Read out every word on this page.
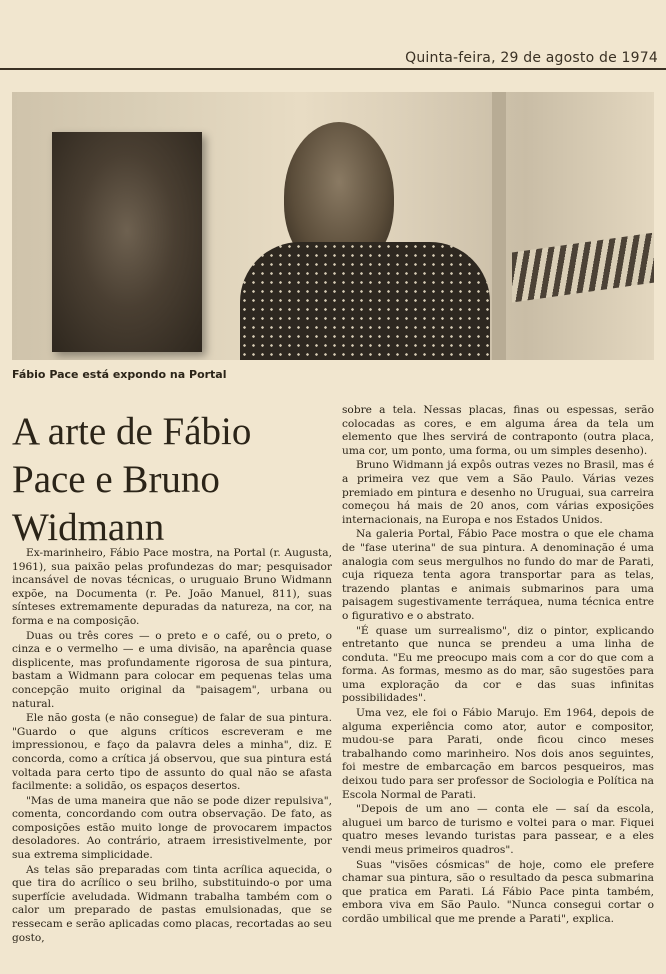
Quinta-feira, 29 de agosto de 1974
Fábio Pace está expondo na Portal
A arte de Fábio Pace e Bruno Widmann

Ex-marinheiro, Fábio Pace mostra, na Portal (r. Augusta, 1961), sua paixão pelas profundezas do mar; pesquisador incansável de novas técnicas, o uruguaio Bruno Widmann expõe, na Documenta (r. Pe. João Manuel, 811), suas sínteses extremamente depuradas da natureza, na cor, na forma e na composição.

Duas ou três cores — o preto e o café, ou o preto, o cinza e o vermelho — e uma divisão, na aparência quase displicente, mas profundamente rigorosa de sua pintura, bastam a Widmann para colocar em pequenas telas uma concepção muito original da "paisagem", urbana ou natural.

Ele não gosta (e não consegue) de falar de sua pintura. "Guardo o que alguns críticos escreveram e me impressionou, e faço da palavra deles a minha", diz. E concorda, como a crítica já observou, que sua pintura está voltada para certo tipo de assunto do qual não se afasta facilmente: a solidão, os espaços desertos.

"Mas de uma maneira que não se pode dizer repulsiva", comenta, concordando com outra observação. De fato, as composições estão muito longe de provocarem impactos desoladores. Ao contrário, atraem irresistivelmente, por sua extrema simplicidade.

As telas são preparadas com tinta acrílica aquecida, o que tira do acrílico o seu brilho, substituindo-o por uma superfície aveludada. Widmann trabalha também com o calor um preparado de pastas emulsionadas, que se ressecam e serão aplicadas como placas, recortadas ao seu gosto,

sobre a tela. Nessas placas, finas ou espessas, serão colocadas as cores, e em alguma área da tela um elemento que lhes servirá de contraponto (outra placa, uma cor, um ponto, uma forma, ou um simples desenho).

Bruno Widmann já expôs outras vezes no Brasil, mas é a primeira vez que vem a São Paulo. Várias vezes premiado em pintura e desenho no Uruguai, sua carreira começou há mais de 20 anos, com várias exposições internacionais, na Europa e nos Estados Unidos.

Na galeria Portal, Fábio Pace mostra o que ele chama de "fase uterina" de sua pintura. A denominação é uma analogia com seus mergulhos no fundo do mar de Parati, cuja riqueza tenta agora transportar para as telas, trazendo plantas e animais submarinos para uma paisagem sugestivamente terráquea, numa técnica entre o figurativo e o abstrato.

"É quase um surrealismo", diz o pintor, explicando entretanto que nunca se prendeu a uma linha de conduta. "Eu me preocupo mais com a cor do que com a forma. As formas, mesmo as do mar, são sugestões para uma exploração da cor e das suas infinitas possibilidades".

Uma vez, ele foi o Fábio Marujo. Em 1964, depois de alguma experiência como ator, autor e compositor, mudou-se para Parati, onde ficou cinco meses trabalhando como marinheiro. Nos dois anos seguintes, foi mestre de embarcação em barcos pesqueiros, mas deixou tudo para ser professor de Sociologia e Política na Escola Normal de Parati.

"Depois de um ano — conta ele — saí da escola, aluguei um barco de turismo e voltei para o mar. Fiquei quatro meses levando turistas para passear, e a eles vendi meus primeiros quadros".

Suas "visões cósmicas" de hoje, como ele prefere chamar sua pintura, são o resultado da pesca submarina que pratica em Parati. Lá Fábio Pace pinta também, embora viva em São Paulo. "Nunca consegui cortar o cordão umbilical que me prende a Parati", explica.
